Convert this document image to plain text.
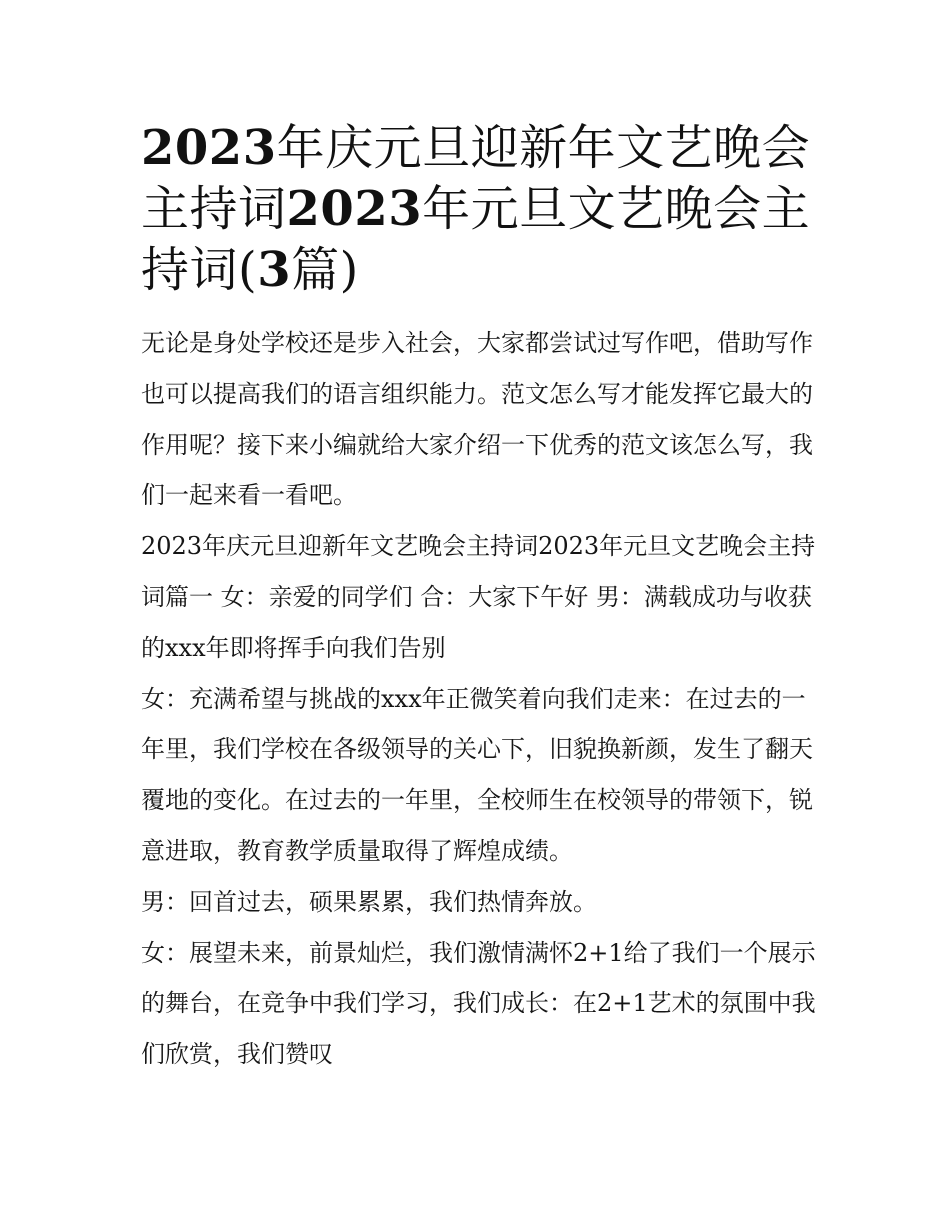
2023年庆元旦迎新年文艺晚会主持词2023年元旦文艺晚会主持词(3篇)

无论是身处学校还是步入社会，大家都尝试过写作吧，借助写作也可以提高我们的语言组织能力。范文怎么写才能发挥它最大的作用呢？接下来小编就给大家介绍一下优秀的范文该怎么写，我们一起来看一看吧。

2023年庆元旦迎新年文艺晚会主持词2023年元旦文艺晚会主持词篇一 女：亲爱的同学们 合：大家下午好 男：满载成功与收获的xxx年即将挥手向我们告别

女：充满希望与挑战的xxx年正微笑着向我们走来：在过去的一年里，我们学校在各级领导的关心下，旧貌换新颜，发生了翻天覆地的变化。在过去的一年里，全校师生在校领导的带领下，锐意进取，教育教学质量取得了辉煌成绩。

男：回首过去，硕果累累，我们热情奔放。

女：展望未来，前景灿烂，我们激情满怀2+1给了我们一个展示的舞台，在竞争中我们学习，我们成长：在2+1艺术的氛围中我们欣赏，我们赞叹
